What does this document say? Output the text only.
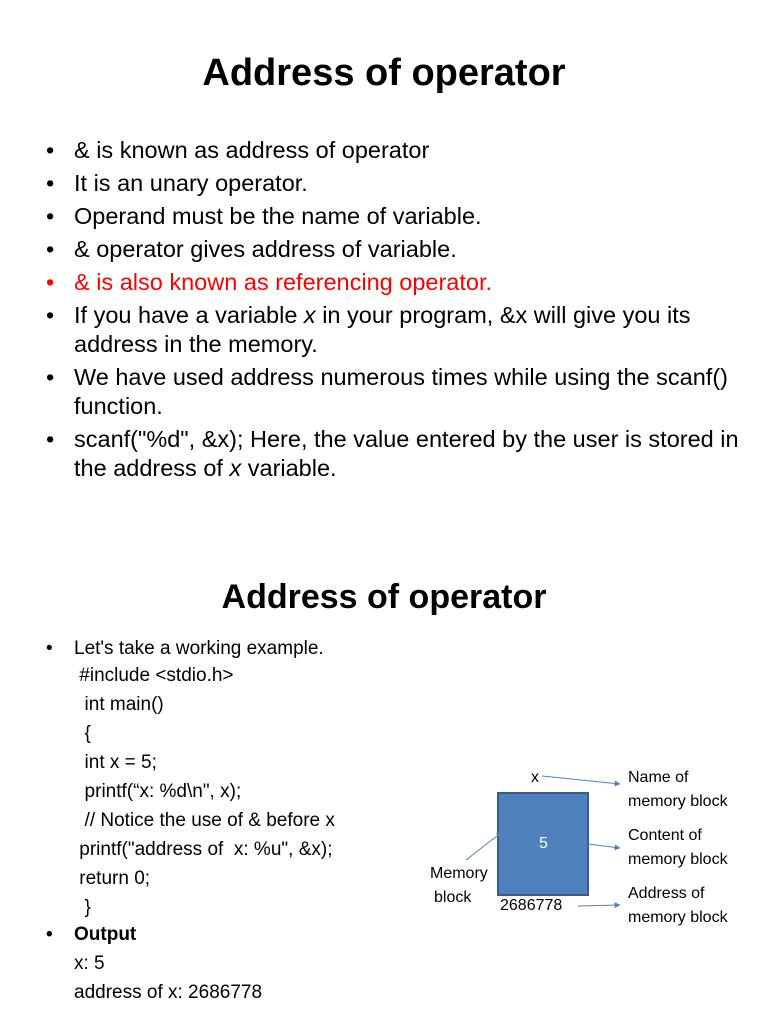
Address of operator
• & is known as address of operator
• It is an unary operator.
• Operand must be the name of variable.
• & operator gives address of variable.
• & is also known as referencing operator.
• If you have a variable x in your program, &x will give you its address in the memory.
• We have used address numerous times while using the scanf() function.
• scanf("%d", &x); Here, the value entered by the user is stored in the address of x variable.
Address of operator
• Let's take a working example.
#include <stdio.h>
int main()
{
int x = 5;
printf(“x: %d\n", x);
// Notice the use of & before x
printf("address of  x: %u", &x);
return 0;
}
• Output
x: 5
address of x: 2686778
x
5
2686778
Memory
block
Name of
memory block
Content of
memory block
Address of
memory block
